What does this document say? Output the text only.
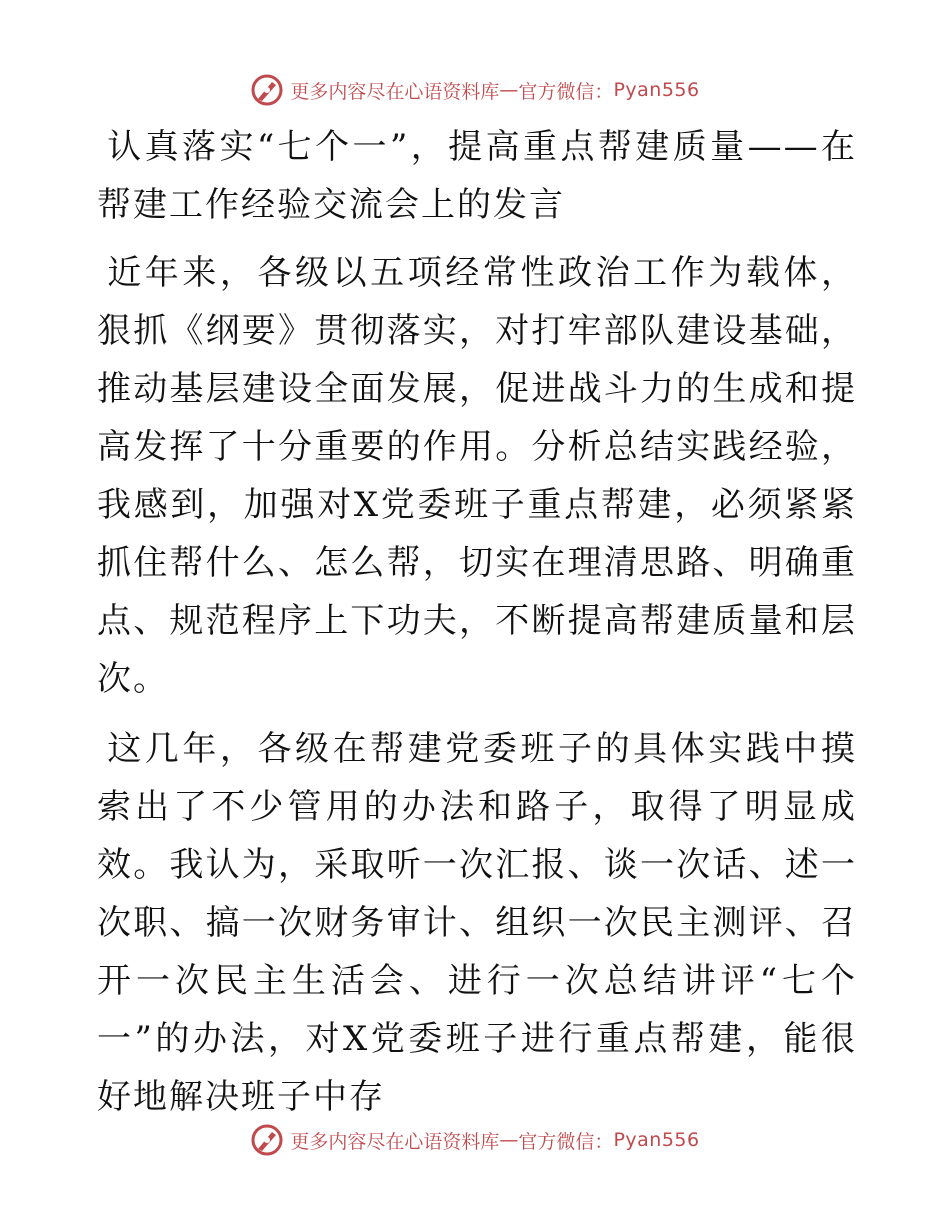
更多内容尽在心语资料库 — 官方微信： Pyan556

认真落实“七个一”，提高重点帮建质量——在帮建工作经验交流会上的发言

近年来，各级以五项经常性政治工作为载体，狠抓《纲要》贯彻落实，对打牢部队建设基础，推动基层建设全面发展，促进战斗力的生成和提高发挥了十分重要的作用。分析总结实践经验，我感到，加强对X党委班子重点帮建，必须紧紧抓住帮什么、怎么帮，切实在理清思路、明确重点、规范程序上下功夫，不断提高帮建质量和层次。

这几年，各级在帮建党委班子的具体实践中摸索出了不少管用的办法和路子，取得了明显成效。我认为，采取听一次汇报、谈一次话、述一次职、搞一次财务审计、组织一次民主测评、召开一次民主生活会、进行一次总结讲评“七个一”的办法，对X党委班子进行重点帮建，能很好地解决班子中存

更多内容尽在心语资料库 — 官方微信： Pyan556
